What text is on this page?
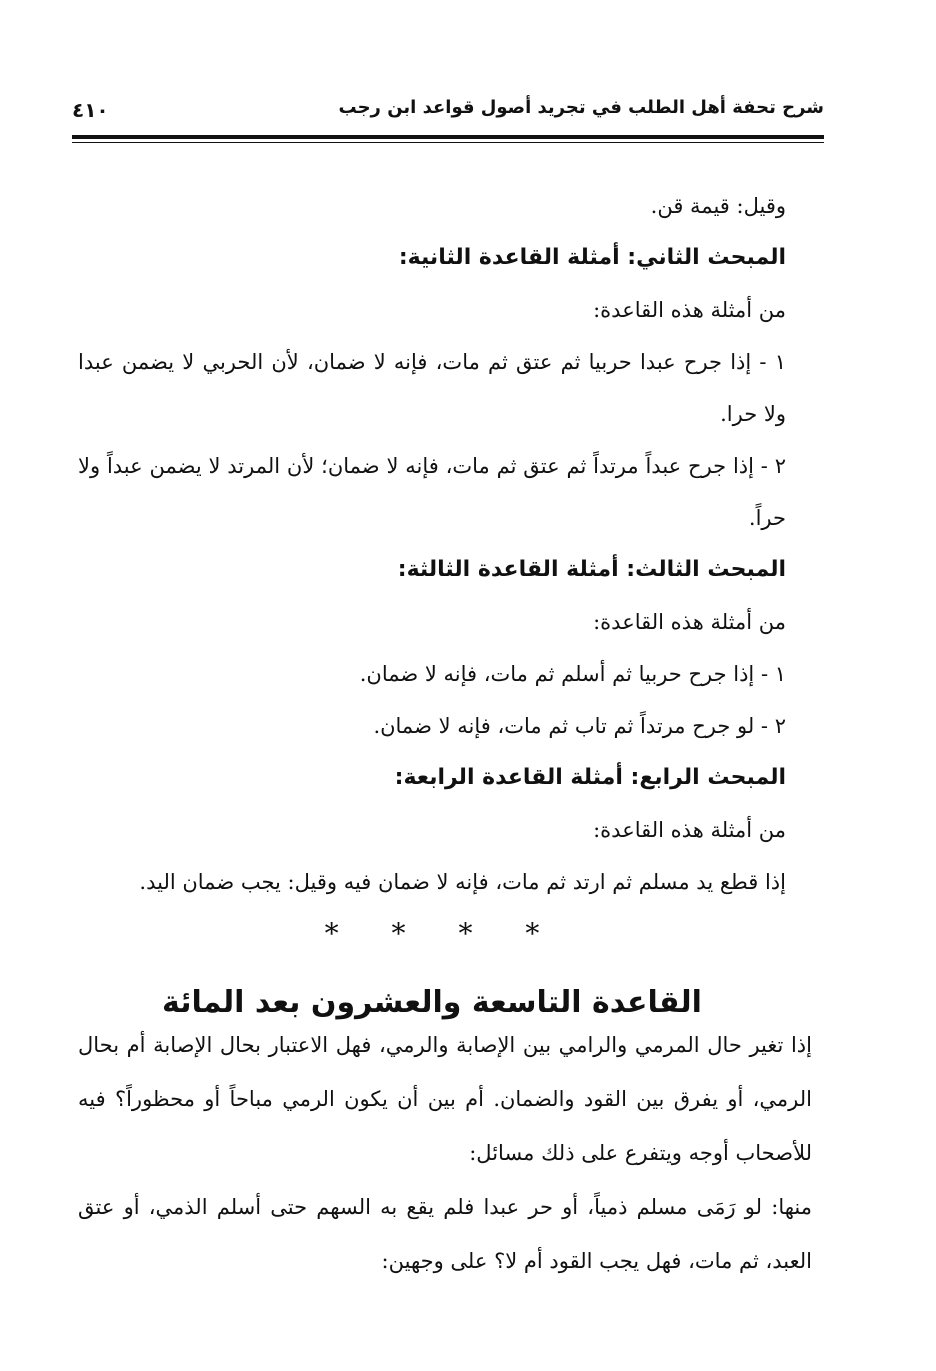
شرح تحفة أهل الطلب في تجريد أصول قواعد ابن رجب
٤١٠
وقيل: قيمة قن.
المبحث الثاني: أمثلة القاعدة الثانية:
من أمثلة هذه القاعدة:
١ - إذا جرح عبدا حربيا ثم عتق ثم مات، فإنه لا ضمان، لأن الحربي لا يضمن عبدا ولا حرا.
٢ - إذا جرح عبداً مرتداً ثم عتق ثم مات، فإنه لا ضمان؛ لأن المرتد لا يضمن عبداً ولا حراً.
المبحث الثالث: أمثلة القاعدة الثالثة:
من أمثلة هذه القاعدة:
١ - إذا جرح حربيا ثم أسلم ثم مات، فإنه لا ضمان.
٢ - لو جرح مرتداً ثم تاب ثم مات، فإنه لا ضمان.
المبحث الرابع: أمثلة القاعدة الرابعة:
من أمثلة هذه القاعدة:
إذا قطع يد مسلم ثم ارتد ثم مات، فإنه لا ضمان فيه وقيل: يجب ضمان اليد.
* * * *
القاعدة التاسعة والعشرون بعد المائة
إذا تغير حال المرمي والرامي بين الإصابة والرمي، فهل الاعتبار بحال الإصابة أم بحال الرمي، أو يفرق بين القود والضمان. أم بين أن يكون الرمي مباحاً أو محظوراً؟ فيه للأصحاب أوجه ويتفرع على ذلك مسائل:
منها: لو رَمَى مسلم ذمياً، أو حر عبدا فلم يقع به السهم حتى أسلم الذمي، أو عتق العبد، ثم مات، فهل يجب القود أم لا؟ على وجهين:
